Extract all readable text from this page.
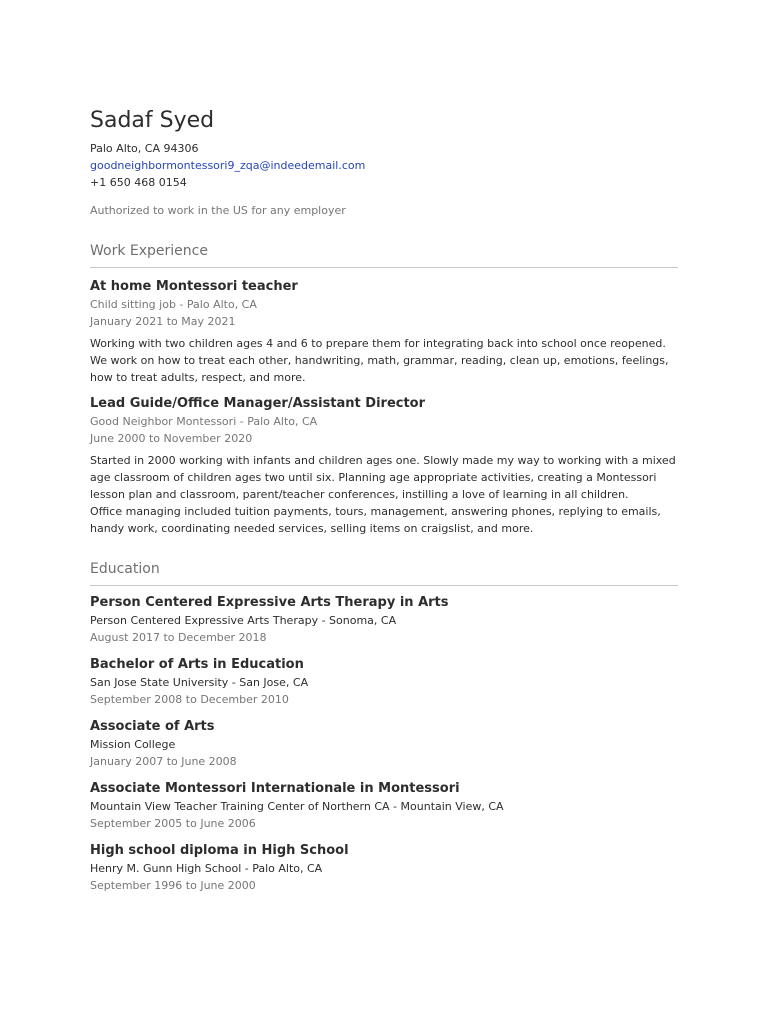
Sadaf Syed
Palo Alto, CA 94306
goodneighbormontessori9_zqa@indeedemail.com
+1 650 468 0154
Authorized to work in the US for any employer
Work Experience
At home Montessori teacher
Child sitting job - Palo Alto, CA
January 2021 to May 2021
Working with two children ages 4 and 6 to prepare them for integrating back into school once reopened.
We work on how to treat each other, handwriting, math, grammar, reading, clean up, emotions, feelings,
how to treat adults, respect, and more.
Lead Guide/Office Manager/Assistant Director
Good Neighbor Montessori - Palo Alto, CA
June 2000 to November 2020
Started in 2000 working with infants and children ages one. Slowly made my way to working with a mixed
age classroom of children ages two until six. Planning age appropriate activities, creating a Montessori
lesson plan and classroom, parent/teacher conferences, instilling a love of learning in all children.
Office managing included tuition payments, tours, management, answering phones, replying to emails,
handy work, coordinating needed services, selling items on craigslist, and more.
Education
Person Centered Expressive Arts Therapy in Arts
Person Centered Expressive Arts Therapy - Sonoma, CA
August 2017 to December 2018
Bachelor of Arts in Education
San Jose State University - San Jose, CA
September 2008 to December 2010
Associate of Arts
Mission College
January 2007 to June 2008
Associate Montessori Internationale in Montessori
Mountain View Teacher Training Center of Northern CA - Mountain View, CA
September 2005 to June 2006
High school diploma in High School
Henry M. Gunn High School - Palo Alto, CA
September 1996 to June 2000
